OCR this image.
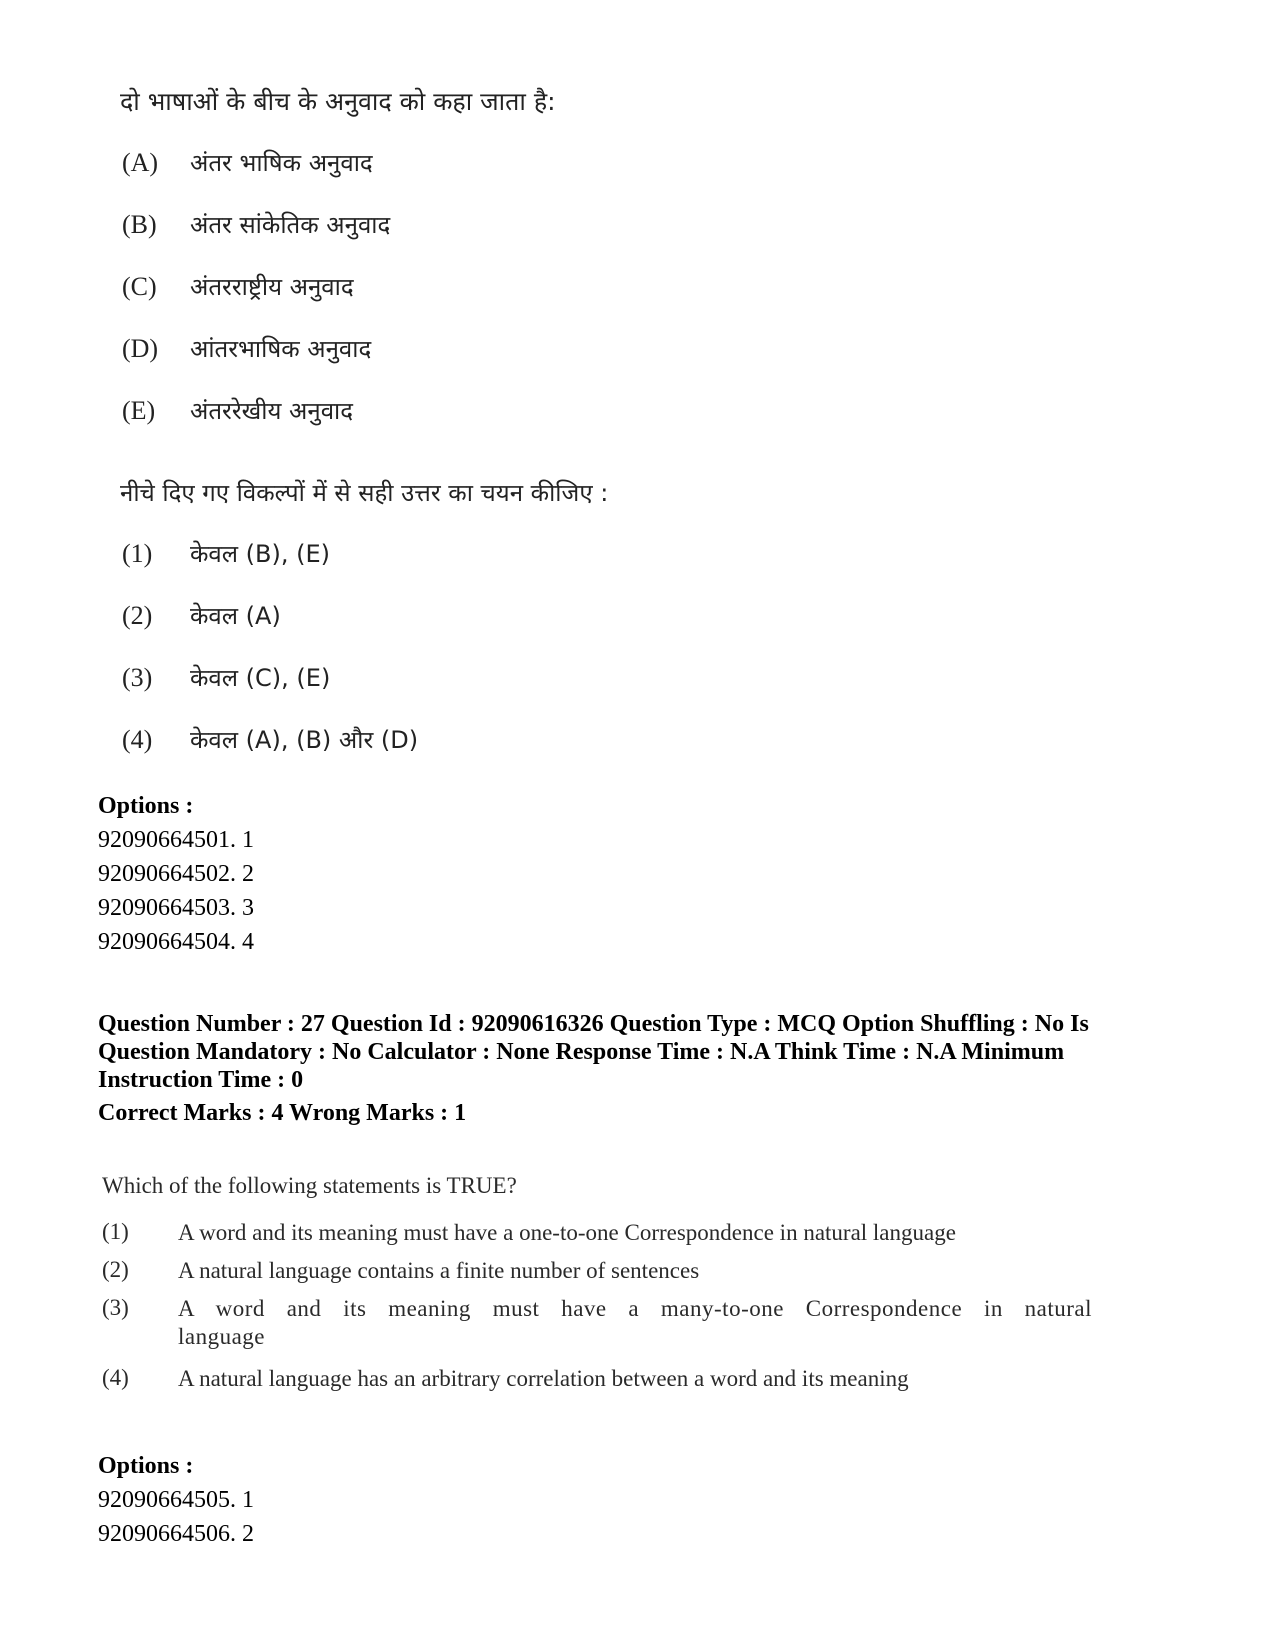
दो भाषाओं के बीच के अनुवाद को कहा जाता है:
(A) अंतर भाषिक अनुवाद
(B) अंतर सांकेतिक अनुवाद
(C) अंतरराष्ट्रीय अनुवाद
(D) आंतरभाषिक अनुवाद
(E) अंतररेखीय अनुवाद
नीचे दिए गए विकल्पों में से सही उत्तर का चयन कीजिए :
(1) केवल (B), (E)
(2) केवल (A)
(3) केवल (C), (E)
(4) केवल (A), (B) और (D)
Options :
92090664501. 1
92090664502. 2
92090664503. 3
92090664504. 4
Question Number : 27 Question Id : 92090616326 Question Type : MCQ Option Shuffling : No Is Question Mandatory : No Calculator : None Response Time : N.A Think Time : N.A Minimum Instruction Time : 0
Correct Marks : 4 Wrong Marks : 1
Which of the following statements is TRUE?
(1)	A word and its meaning must have a one-to-one Correspondence in natural language
(2)	A natural language contains a finite number of sentences
(3)	A word and its meaning must have a many-to-one Correspondence in natural language
(4)	A natural language has an arbitrary correlation between a word and its meaning
Options :
92090664505. 1
92090664506. 2
